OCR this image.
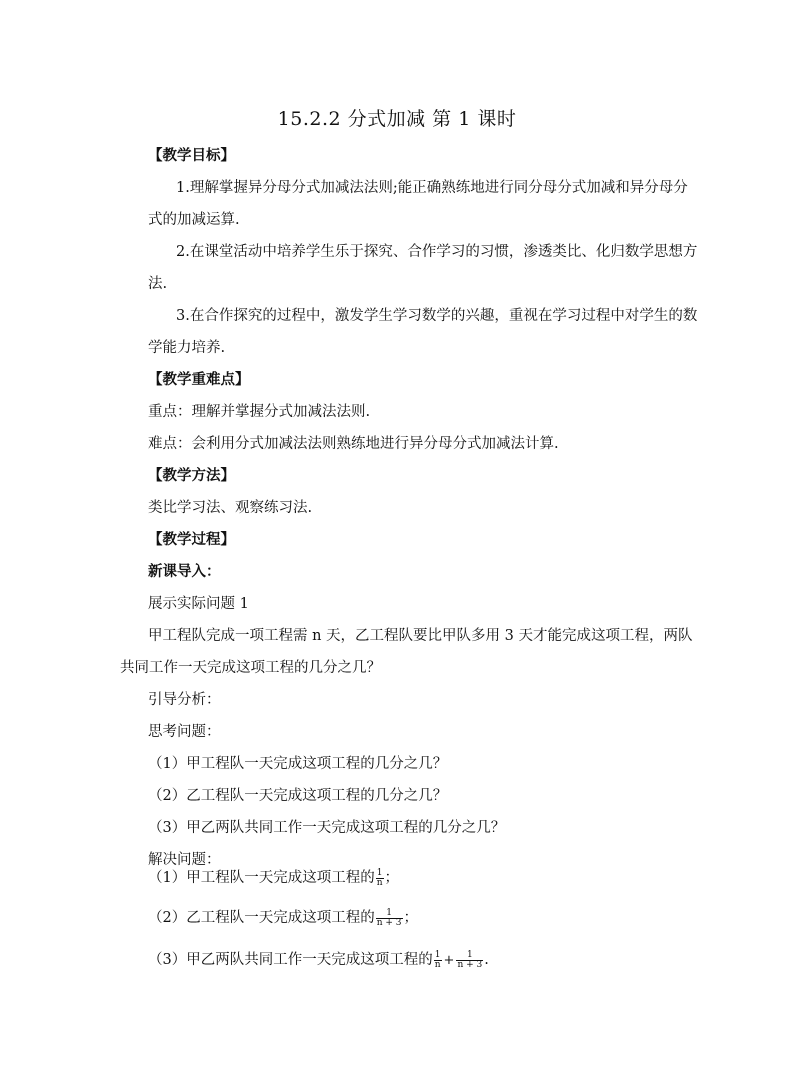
15.2.2 分式加减 第 1 课时
【教学目标】
1.理解掌握异分母分式加减法法则;能正确熟练地进行同分母分式加减和异分母分
式的加减运算.
2.在课堂活动中培养学生乐于探究、合作学习的习惯，渗透类比、化归数学思想方
法.
3.在合作探究的过程中，激发学生学习数学的兴趣，重视在学习过程中对学生的数
学能力培养.
【教学重难点】
重点：理解并掌握分式加减法法则.
难点：会利用分式加减法法则熟练地进行异分母分式加减法计算.
【教学方法】
类比学习法、观察练习法.
【教学过程】
新课导入：
展示实际问题 1
甲工程队完成一项工程需 n 天，乙工程队要比甲队多用 3 天才能完成这项工程，两队
共同工作一天完成这项工程的几分之几？
引导分析：
思考问题：
（1）甲工程队一天完成这项工程的几分之几？
（2）乙工程队一天完成这项工程的几分之几？
（3）甲乙两队共同工作一天完成这项工程的几分之几？
解决问题：
（1）甲工程队一天完成这项工程的 $\frac{1}{n}$ ；
（2）乙工程队一天完成这项工程的 $\frac{1}{n + 3}$ ；
（3）甲乙两队共同工作一天完成这项工程的 $\frac{1}{n} + \frac{1}{n + 3}$ .
